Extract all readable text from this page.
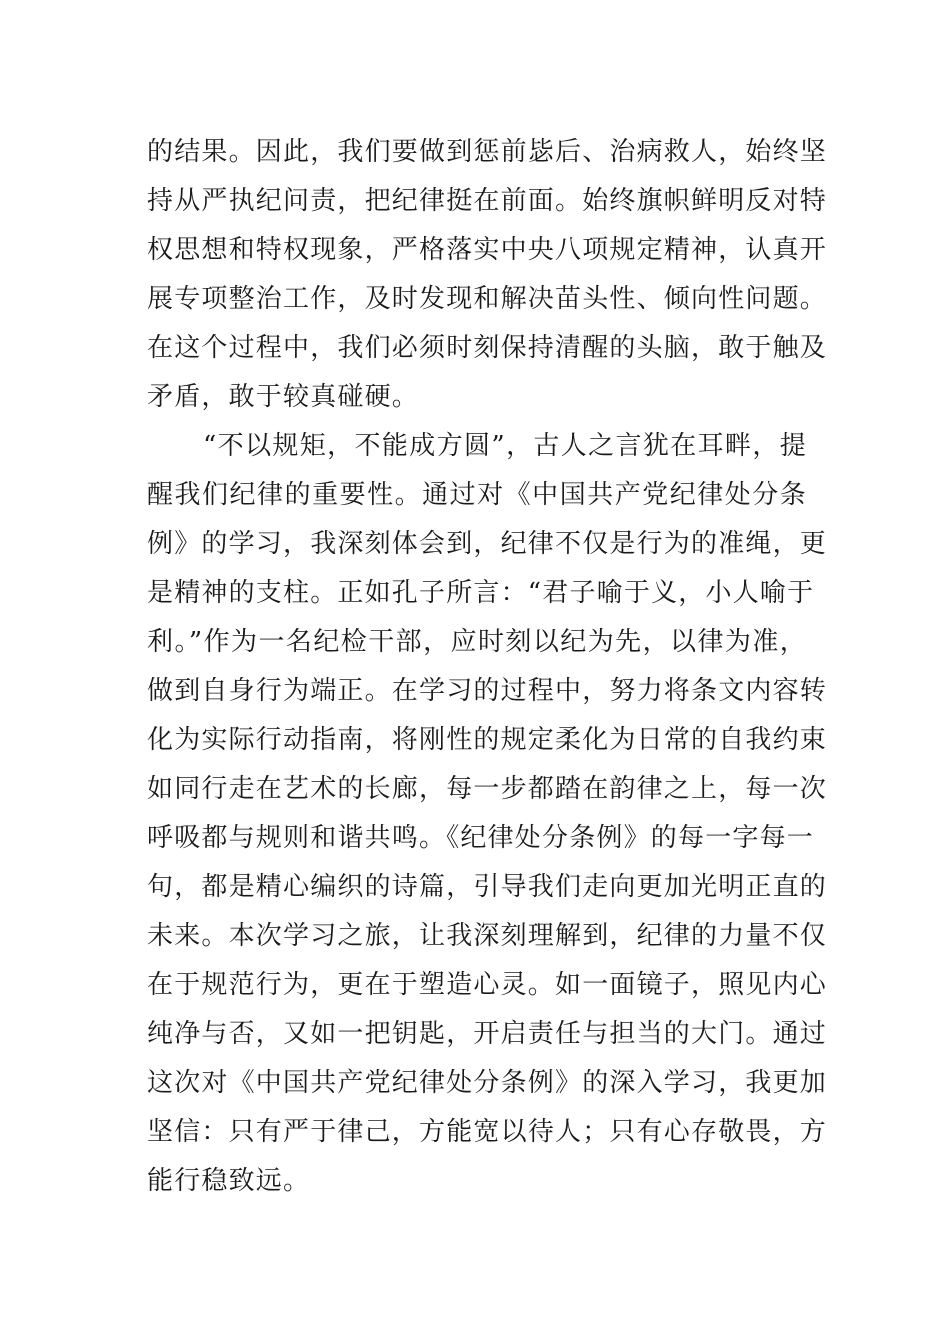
的结果。因此，我们要做到惩前毖后、治病救人，始终坚
持从严执纪问责，把纪律挺在前面。始终旗帜鲜明反对特
权思想和特权现象，严格落实中央八项规定精神，认真开
展专项整治工作，及时发现和解决苗头性、倾向性问题。
在这个过程中，我们必须时刻保持清醒的头脑，敢于触及
矛盾，敢于较真碰硬。
“不以规矩，不能成方圆”，古人之言犹在耳畔，提
醒我们纪律的重要性。通过对《中国共产党纪律处分条
例》的学习，我深刻体会到，纪律不仅是行为的准绳，更
是精神的支柱。正如孔子所言：“君子喻于义，小人喻于
利。”作为一名纪检干部，应时刻以纪为先，以律为准，
做到自身行为端正。在学习的过程中，努力将条文内容转
化为实际行动指南，将刚性的规定柔化为日常的自我约束
如同行走在艺术的长廊，每一步都踏在韵律之上，每一次
呼吸都与规则和谐共鸣。《纪律处分条例》的每一字每一
句，都是精心编织的诗篇，引导我们走向更加光明正直的
未来。本次学习之旅，让我深刻理解到，纪律的力量不仅
在于规范行为，更在于塑造心灵。如一面镜子，照见内心
纯净与否，又如一把钥匙，开启责任与担当的大门。通过
这次对《中国共产党纪律处分条例》的深入学习，我更加
坚信：只有严于律己，方能宽以待人；只有心存敬畏，方
能行稳致远。
